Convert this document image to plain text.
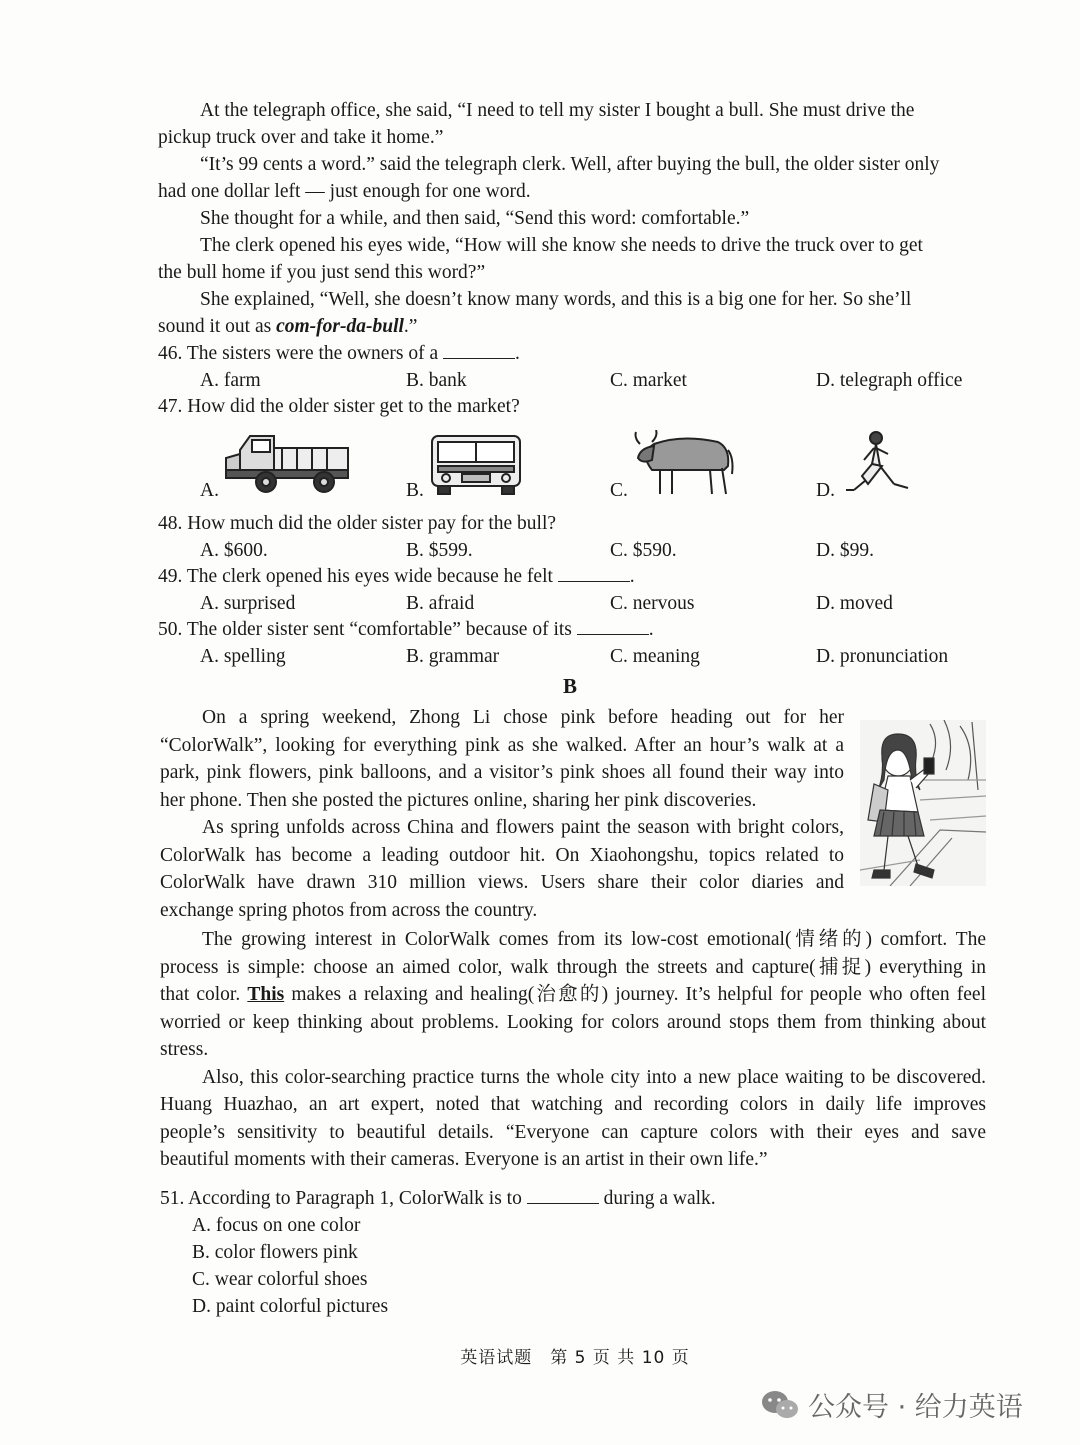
At the telegraph office, she said, “I need to tell my sister I bought a bull. She must drive the
pickup truck over and take it home.”
“It’s 99 cents a word.” said the telegraph clerk. Well, after buying the bull, the older sister only
had one dollar left — just enough for one word.
She thought for a while, and then said, “Send this word: comfortable.”
The clerk opened his eyes wide, “How will she know she needs to drive the truck over to get
the bull home if you just send this word?”
She explained, “Well, she doesn’t know many words, and this is a big one for her. So she’ll
sound it out as com-for-da-bull.”
46. The sisters were the owners of a	.
A. farm	B. bank	C. market	D. telegraph office
47. How did the older sister get to the market?
A.	B.	C.	D.
48. How much did the older sister pay for the bull?
A. $600.	B. $599.	C. $590.	D. $99.
49. The clerk opened his eyes wide because he felt	.
A. surprised	B. afraid	C. nervous	D. moved
50. The older sister sent “comfortable” because of its	.
A. spelling	B. grammar	C. meaning	D. pronunciation
B

On a spring weekend, Zhong Li chose pink before heading out for her

“ColorWalk”, looking for everything pink as she walked. After an hour’s walk at a

park, pink flowers, pink balloons, and a visitor’s pink shoes all found their way into

her phone. Then she posted the pictures online, sharing her pink discoveries.

As spring unfolds across China and flowers paint the season with bright colors,

ColorWalk has become a leading outdoor hit. On Xiaohongshu, topics related to

ColorWalk have drawn 310 million views. Users share their color diaries and

exchange spring photos from across the country.

The growing interest in ColorWalk comes from its low-cost emotional(情绪的) comfort. The

process is simple: choose an aimed color, walk through the streets and capture(捕捉) everything in

that color. This makes a relaxing and healing(治愈的) journey. It’s helpful for people who often feel

worried or keep thinking about problems. Looking for colors around stops them from thinking about

stress.

Also, this color-searching practice turns the whole city into a new place waiting to be discovered.

Huang Huazhao, an art expert, noted that watching and recording colors in daily life improves

people’s sensitivity to beautiful details. “Everyone can capture colors with their eyes and save

beautiful moments with their cameras. Everyone is an artist in their own life.”

51. According to Paragraph 1, ColorWalk is to	during a walk.
A. focus on one color
B. color flowers pink
C. wear colorful shoes
D. paint colorful pictures
英语试题　第 5 页 共 10 页
公众号 · 给力英语
